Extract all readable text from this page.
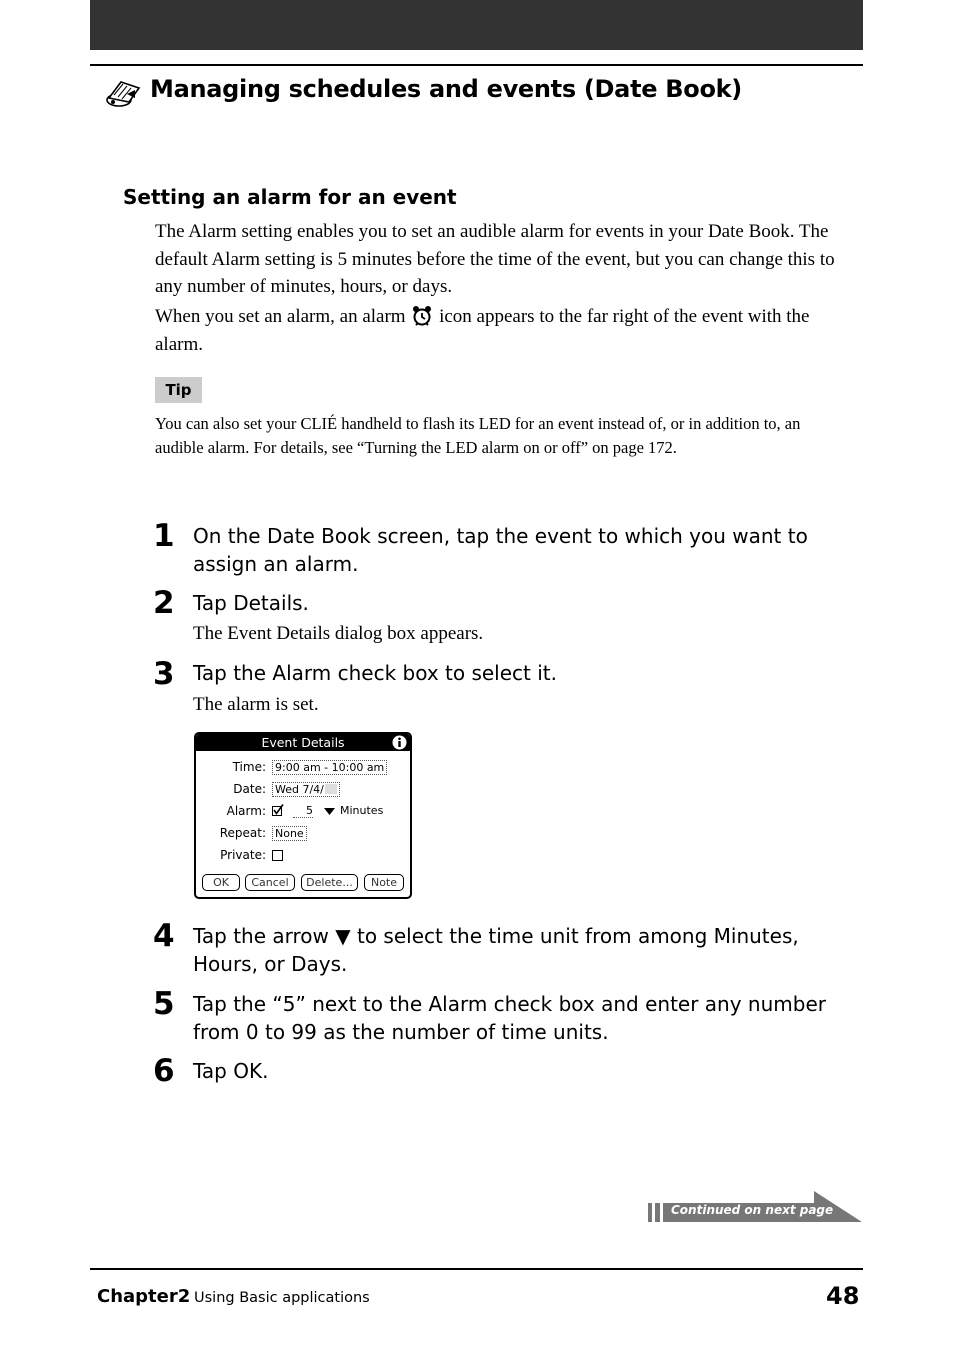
Managing schedules and events (Date Book)
Setting an alarm for an event

The Alarm setting enables you to set an audible alarm for events in your Date Book. The default Alarm setting is 5 minutes before the time of the event, but you can change this to any number of minutes, hours, or days.

When you set an alarm, an alarm icon appears to the far right of the event with the alarm.

Tip

You can also set your CLIÉ handheld to flash its LED for an event instead of, or in addition to, an audible alarm. For details, see “Turning the LED alarm on or off” on page 172.

1 On the Date Book screen, tap the event to which you want to assign an alarm.

2 Tap Details.

The Event Details dialog box appears.
3 Tap the Alarm check box to select it.

The alarm is set.
Event Details
Time: 9:00 am - 10:00 am
Date: Wed 7/4/
Alarm:	5 Minutes
Repeat: None
Private:
OK	Cancel	Delete...	Note
4 Tap the arrow ▼ to select the time unit from among Minutes, Hours, or Days.

5 Tap the “5” next to the Alarm check box and enter any number from 0 to 99 as the number of time units.

6 Tap OK.

Continued on next page
Chapter2 Using Basic applications	48
